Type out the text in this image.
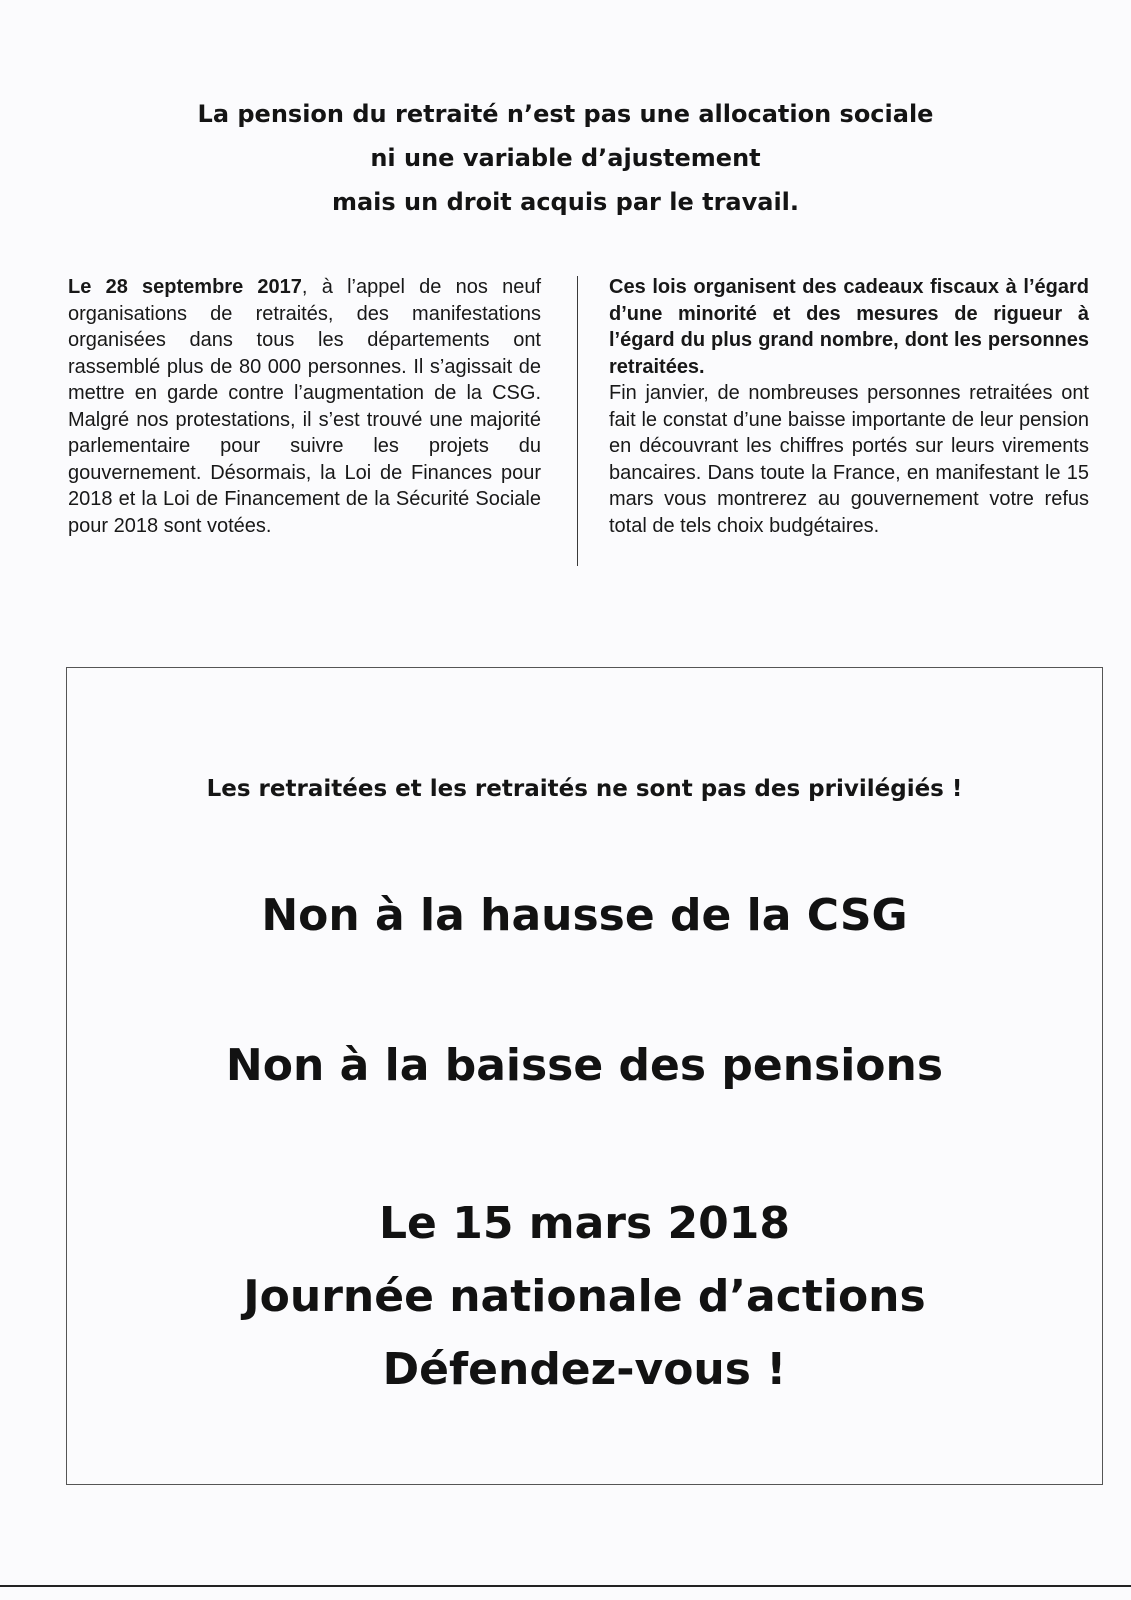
La pension du retraité n’est pas une allocation sociale
ni une variable d’ajustement
mais un droit acquis par le travail.

Le 28 septembre 2017, à l’appel de nos neuf organisations de retraités, des manifestations organisées dans tous les départements ont rassemblé plus de 80 000 personnes. Il s’agissait de mettre en garde contre l’augmentation de la CSG. Malgré nos protestations, il s’est trouvé une majorité parlementaire pour suivre les projets du gouvernement. Désormais, la Loi de Finances pour 2018 et la Loi de Financement de la Sécurité Sociale pour 2018 sont votées.

Ces lois organisent des cadeaux fiscaux à l’égard d’une minorité et des mesures de rigueur à l’égard du plus grand nombre, dont les personnes retraitées.

Fin janvier, de nombreuses personnes retraitées ont fait le constat d’une baisse importante de leur pension en découvrant les chiffres portés sur leurs virements bancaires. Dans toute la France, en manifestant le 15 mars vous montrerez au gouvernement votre refus total de tels choix budgétaires.

Les retraitées et les retraités ne sont pas des privilégiés !
Non à la hausse de la CSG
Non à la baisse des pensions
Le 15 mars 2018
Journée nationale d’actions
Défendez-vous !
